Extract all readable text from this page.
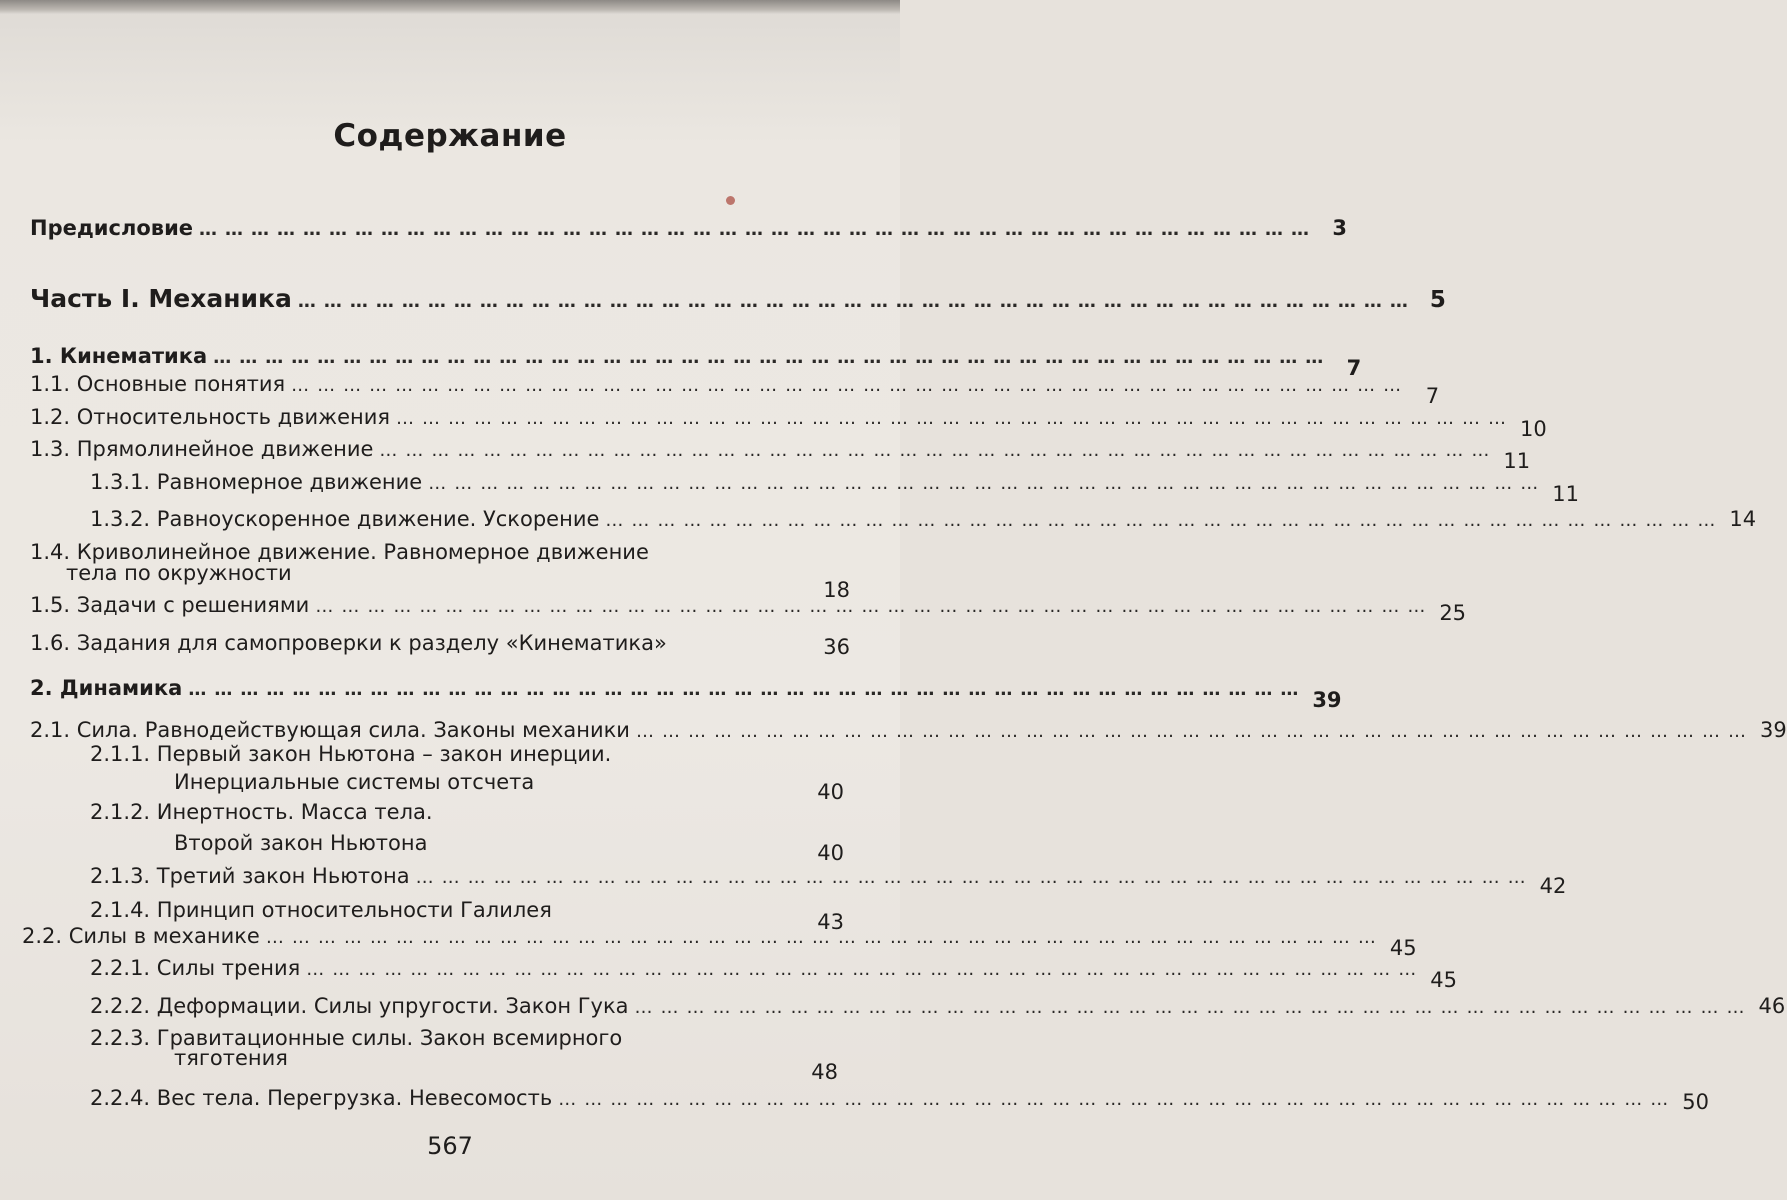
Содержание
Предисловие ………………………………………………………………………………………………………………… 3
Часть I. Механика ………………………………………………………………………………………………………………… 5
1. Кинематика ………………………………………………………………………………………………………………… 7
1.1. Основные понятия ………………………………………………………………………………………………………………… 7
1.2. Относительность движения ………………………………………………………………………………………………………………… 10
1.3. Прямолинейное движение ………………………………………………………………………………………………………………… 11
1.3.1. Равномерное движение ………………………………………………………………………………………………………………… 11
1.3.2. Равноускоренное движение. Ускорение ………………………………………………………………………………………………………………… 14
1.4. Криволинейное движение. Равномерное движение
тела по окружности
18
1.5. Задачи с решениями ………………………………………………………………………………………………………………… 25
1.6. Задания для самопроверки к разделу «Кинематика»	36
2. Динамика ………………………………………………………………………………………………………………… 39
2.1. Сила. Равнодействующая сила. Законы механики ………………………………………………………………………………………………………………… 39
2.1.1. Первый закон Ньютона – закон инерции.
Инерциальные системы отсчета	40
2.1.2. Инертность. Масса тела.
Второй закон Ньютона	40
2.1.3. Третий закон Ньютона ………………………………………………………………………………………………………………… 42
2.1.4. Принцип относительности Галилея	43
2.2. Силы в механике ………………………………………………………………………………………………………………… 45
2.2.1. Силы трения ………………………………………………………………………………………………………………… 45
2.2.2. Деформации. Силы упругости. Закон Гука ………………………………………………………………………………………………………………… 46
2.2.3. Гравитационные силы. Закон всемирного
тяготения
48
2.2.4. Вес тела. Перегрузка. Невесомость ………………………………………………………………………………………………………………… 50
567
